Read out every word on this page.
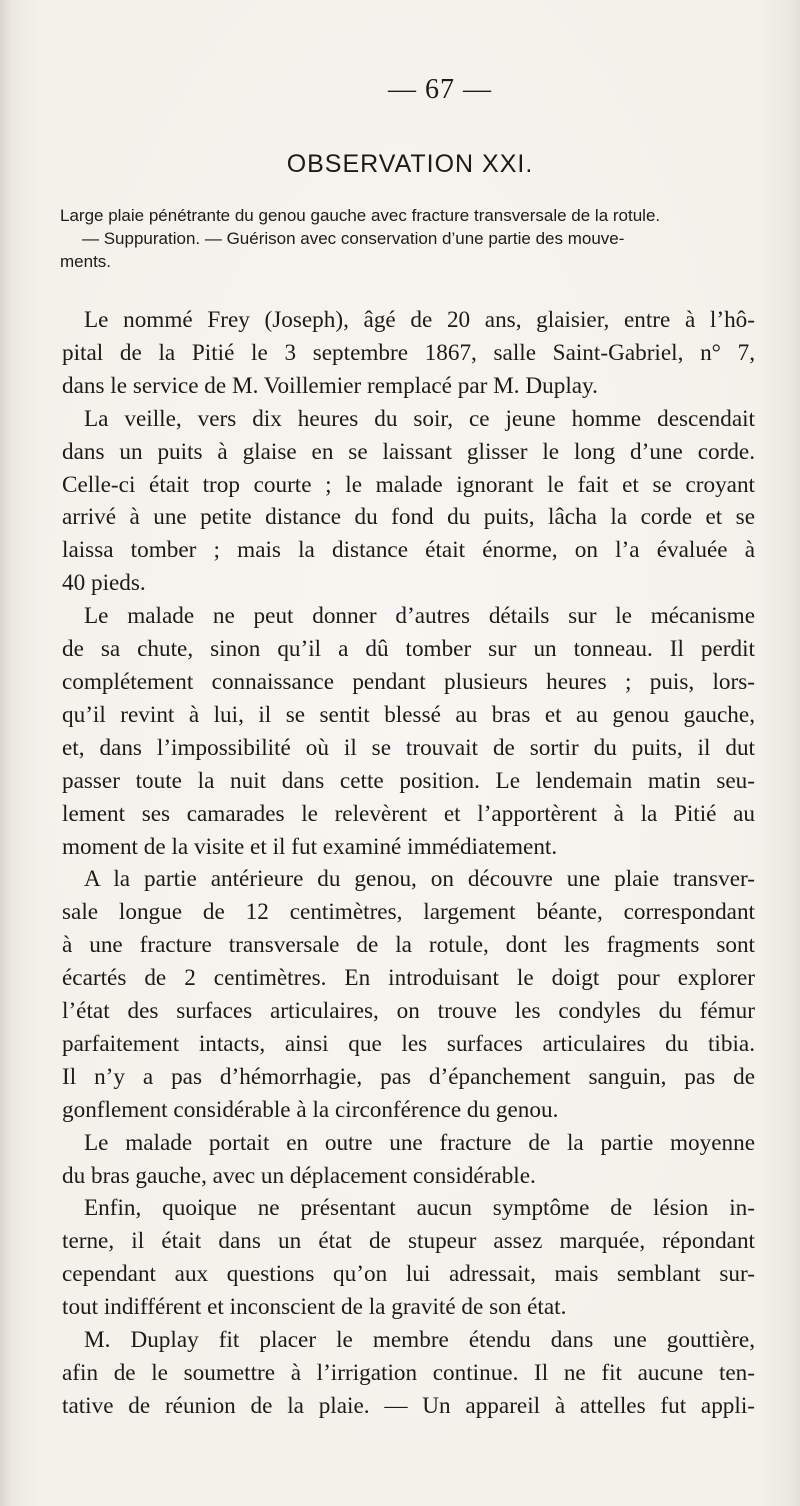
— 67 —
OBSERVATION XXI.
Large plaie pénétrante du genou gauche avec fracture transversale de la rotule.
— Suppuration. — Guérison avec conservation d’une partie des mouve-
ments.
Le nommé Frey (Joseph), âgé de 20 ans, glaisier, entre à l’hô-
pital de la Pitié le 3 septembre 1867, salle Saint-Gabriel, n° 7,
dans le service de M. Voillemier remplacé par M. Duplay.
La veille, vers dix heures du soir, ce jeune homme descendait
dans un puits à glaise en se laissant glisser le long d’une corde.
Celle-ci était trop courte ; le malade ignorant le fait et se croyant
arrivé à une petite distance du fond du puits, lâcha la corde et se
laissa tomber ; mais la distance était énorme, on l’a évaluée à
40 pieds.
Le malade ne peut donner d’autres détails sur le mécanisme
de sa chute, sinon qu’il a dû tomber sur un tonneau. Il perdit
complétement connaissance pendant plusieurs heures ; puis, lors-
qu’il revint à lui, il se sentit blessé au bras et au genou gauche,
et, dans l’impossibilité où il se trouvait de sortir du puits, il dut
passer toute la nuit dans cette position. Le lendemain matin seu-
lement ses camarades le relevèrent et l’apportèrent à la Pitié au
moment de la visite et il fut examiné immédiatement.
A la partie antérieure du genou, on découvre une plaie transver-
sale longue de 12 centimètres, largement béante, correspondant
à une fracture transversale de la rotule, dont les fragments sont
écartés de 2 centimètres. En introduisant le doigt pour explorer
l’état des surfaces articulaires, on trouve les condyles du fémur
parfaitement intacts, ainsi que les surfaces articulaires du tibia.
Il n’y a pas d’hémorrhagie, pas d’épanchement sanguin, pas de
gonflement considérable à la circonférence du genou.
Le malade portait en outre une fracture de la partie moyenne
du bras gauche, avec un déplacement considérable.
Enfin, quoique ne présentant aucun symptôme de lésion in-
terne, il était dans un état de stupeur assez marquée, répondant
cependant aux questions qu’on lui adressait, mais semblant sur-
tout indifférent et inconscient de la gravité de son état.
M. Duplay fit placer le membre étendu dans une gouttière,
afin de le soumettre à l’irrigation continue. Il ne fit aucune ten-
tative de réunion de la plaie. — Un appareil à attelles fut appli-
